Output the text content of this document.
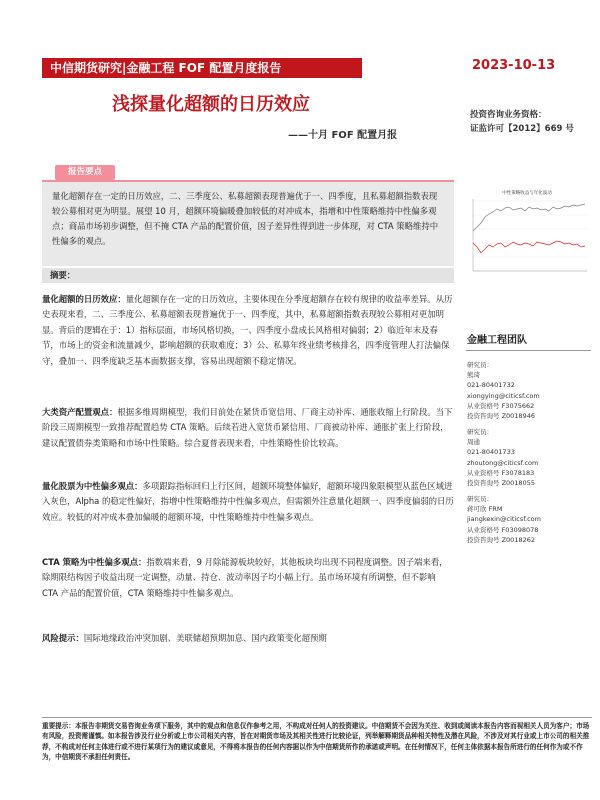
中信期货研究|金融工程 FOF 配置月度报告	2023-10-13
浅探量化超额的日历效应
——十月 FOF 配置月报
投资咨询业务资格：
证监许可【2012】669 号
报告要点
量化超额存在一定的日历效应，二、三季度公、私募超额表现普遍优于一、四季度，且私募超额指数表现较公募相对更为明显。展望 10 月，超额环境偏暖叠加较低的对冲成本，指增和中性策略维持中性偏多观点；商品市场初步调整，但不掩 CTA 产品的配置价值，因子差异性得到进一步体现，对 CTA 策略维持中性偏多的观点。
中性策略收益与年化波动
摘要：
量化超额的日历效应：量化超额存在一定的日历效应，主要体现在分季度超额存在较有规律的收益率差异。从历史表现来看，二、三季度公、私募超额表现普遍优于一、四季度，其中，私募超额指数表现较公募相对更加明显。背后的逻辑在于：1）指标层面，市场风格切换，一、四季度小盘成长风格相对偏弱；2）临近年末及春节，市场上的资金和流量减少，影响超额的获取难度；3）公、私募年终业绩考核排名，四季度管理人打法偏保守，叠加一、四季度缺乏基本面数据支撑，容易出现超额不稳定情况。
大类资产配置观点：根据多维周期模型，我们目前处在紧货币宽信用、厂商主动补库、通胀收缩上行阶段。当下阶段三周期模型一致推荐配置趋势 CTA 策略。后续若进入宽货币紧信用、厂商被动补库、通胀扩张上行阶段，建议配置债券类策略和市场中性策略。综合夏普表现来看，中性策略性价比较高。
量化股票为中性偏多观点：多项跟踪指标回归上行区间，超额环境整体偏好，超额环境四象限模型从蓝色区域进入灰色，Alpha 的稳定性偏好，指增中性策略维持中性偏多观点，但需额外注意量化超额一、四季度偏弱的日历效应。较低的对冲成本叠加偏暖的超额环境，中性策略维持中性偏多观点。
CTA 策略为中性偏多观点：指数端来看，9 月除能源板块较好，其他板块均出现不同程度调整。因子端来看，除期限结构因子收益出现一定调整，动量、持仓、波动率因子均小幅上行。虽市场环境有所调整，但不影响 CTA 产品的配置价值，CTA 策略维持中性偏多观点。
风险提示：国际地缘政治冲突加剧、美联储超预期加息、国内政策变化超预期
金融工程团队
研究员：
熊琦
021-80401732
xiongying@citicsf.com
从业资格号 F3075662
投资咨询号 Z0018946
研究员：
周通
021-80401733
zhoutong@citicsf.com
从业资格号 F3078183
投资咨询号 Z0018055
研究员：
蒋可欣 FRM
jiangkexin@citicsf.com
从业资格号 F03098078
投资咨询号 Z0018262
重要提示：本报告非期货交易咨询业务项下服务，其中的观点和信息仅作参考之用，不构成对任何人的投资建议。中信期货不会因为关注、收到或阅读本报告内容而视相关人员为客户；市场有风险，投资需谨慎。如本报告涉及行业分析或上市公司相关内容，旨在对期货市场及其相关性进行比较论证，列举解释期货品种相关特性及潜在风险，不涉及对其行业或上市公司的相关推荐，不构成对任何主体进行或不进行某项行为的建议或意见，不得将本报告的任何内容据以作为中信期货所作的承诺或声明。在任何情况下，任何主体依据本报告所进行的任何作为或不作为，中信期货不承担任何责任。
